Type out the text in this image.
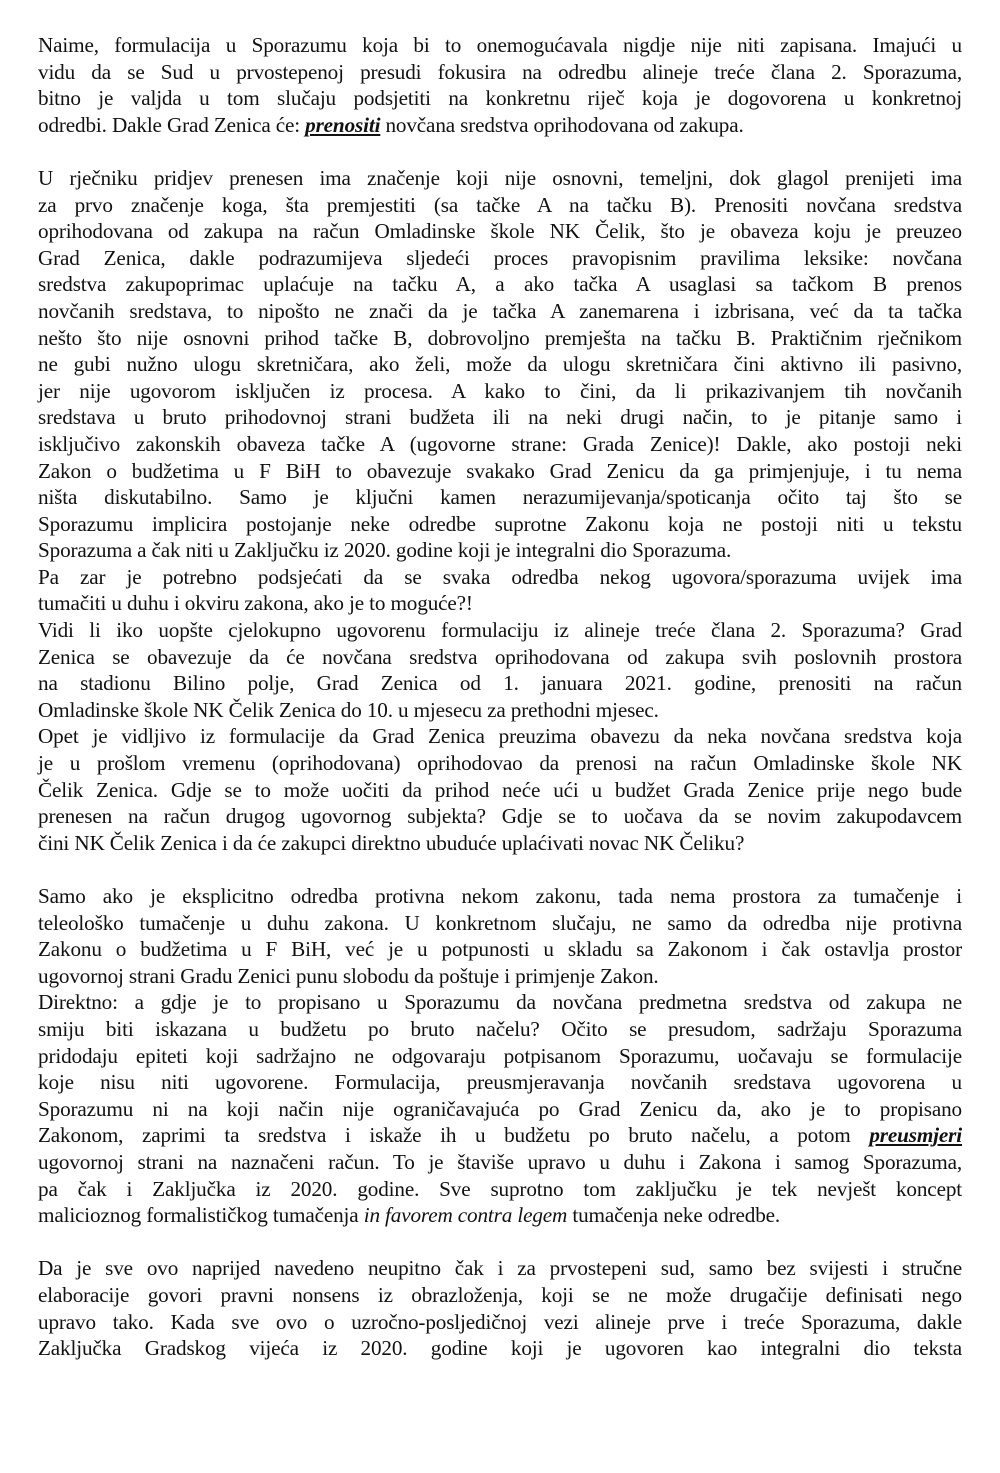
Naime, formulacija u Sporazumu koja bi to onemogućavala nigdje nije niti zapisana. Imajući u
vidu da se Sud u prvostepenoj presudi fokusira na odredbu alineje treće člana 2. Sporazuma,
bitno je valjda u tom slučaju podsjetiti na konkretnu riječ koja je dogovorena u konkretnoj
odredbi. Dakle Grad Zenica će: prenositi novčana sredstva oprihodovana od zakupa.
U rječniku pridjev prenesen ima značenje koji nije osnovni, temeljni, dok glagol prenijeti ima
za prvo značenje koga, šta premjestiti (sa tačke A na tačku B). Prenositi novčana sredstva
oprihodovana od zakupa na račun Omladinske škole NK Čelik, što je obaveza koju je preuzeo
Grad Zenica, dakle podrazumijeva sljedeći proces pravopisnim pravilima leksike: novčana
sredstva zakupoprimac uplaćuje na tačku A, a ako tačka A usaglasi sa tačkom B prenos
novčanih sredstava, to nipošto ne znači da je tačka A zanemarena i izbrisana, već da ta tačka
nešto što nije osnovni prihod tačke B, dobrovoljno premješta na tačku B. Praktičnim rječnikom
ne gubi nužno ulogu skretničara, ako želi, može da ulogu skretničara čini aktivno ili pasivno,
jer nije ugovorom isključen iz procesa. A kako to čini, da li prikazivanjem tih novčanih
sredstava u bruto prihodovnoj strani budžeta ili na neki drugi način, to je pitanje samo i
isključivo zakonskih obaveza tačke A (ugovorne strane: Grada Zenice)! Dakle, ako postoji neki
Zakon o budžetima u F BiH to obavezuje svakako Grad Zenicu da ga primjenjuje, i tu nema
ništa diskutabilno. Samo je ključni kamen nerazumijevanja/spoticanja očito taj što se
Sporazumu implicira postojanje neke odredbe suprotne Zakonu koja ne postoji niti u tekstu
Sporazuma a čak niti u Zaključku iz 2020. godine koji je integralni dio Sporazuma.
Pa zar je potrebno podsjećati da se svaka odredba nekog ugovora/sporazuma uvijek ima
tumačiti u duhu i okviru zakona, ako je to moguće?!
Vidi li iko uopšte cjelokupno ugovorenu formulaciju iz alineje treće člana 2. Sporazuma? Grad
Zenica se obavezuje da će novčana sredstva oprihodovana od zakupa svih poslovnih prostora
na stadionu Bilino polje, Grad Zenica od 1. januara 2021. godine, prenositi na račun
Omladinske škole NK Čelik Zenica do 10. u mjesecu za prethodni mjesec.
Opet je vidljivo iz formulacije da Grad Zenica preuzima obavezu da neka novčana sredstva koja
je u prošlom vremenu (oprihodovana) oprihodovao da prenosi na račun Omladinske škole NK
Čelik Zenica. Gdje se to može uočiti da prihod neće ući u budžet Grada Zenice prije nego bude
prenesen na račun drugog ugovornog subjekta? Gdje se to uočava da se novim zakupodavcem
čini NK Čelik Zenica i da će zakupci direktno ubuduće uplaćivati novac NK Čeliku?
Samo ako je eksplicitno odredba protivna nekom zakonu, tada nema prostora za tumačenje i
teleološko tumačenje u duhu zakona. U konkretnom slučaju, ne samo da odredba nije protivna
Zakonu o budžetima u F BiH, već je u potpunosti u skladu sa Zakonom i čak ostavlja prostor
ugovornoj strani Gradu Zenici punu slobodu da poštuje i primjenje Zakon.
Direktno: a gdje je to propisano u Sporazumu da novčana predmetna sredstva od zakupa ne
smiju biti iskazana u budžetu po bruto načelu? Očito se presudom, sadržaju Sporazuma
pridodaju epiteti koji sadržajno ne odgovaraju potpisanom Sporazumu, uočavaju se formulacije
koje nisu niti ugovorene. Formulacija, preusmjeravanja novčanih sredstava ugovorena u
Sporazumu ni na koji način nije ograničavajuća po Grad Zenicu da, ako je to propisano
Zakonom, zaprimi ta sredstva i iskaže ih u budžetu po bruto načelu, a potom preusmjeri
ugovornoj strani na naznačeni račun. To je štaviše upravo u duhu i Zakona i samog Sporazuma,
pa čak i Zaključka iz 2020. godine. Sve suprotno tom zaključku je tek nevješt koncept
malicioznog formalističkog tumačenja in favorem contra legem tumačenja neke odredbe.
Da je sve ovo naprijed navedeno neupitno čak i za prvostepeni sud, samo bez svijesti i stručne
elaboracije govori pravni nonsens iz obrazloženja, koji se ne može drugačije definisati nego
upravo tako. Kada sve ovo o uzročno-posljedičnoj vezi alineje prve i treće Sporazuma, dakle
Zaključka Gradskog vijeća iz 2020. godine koji je ugovoren kao integralni dio teksta
